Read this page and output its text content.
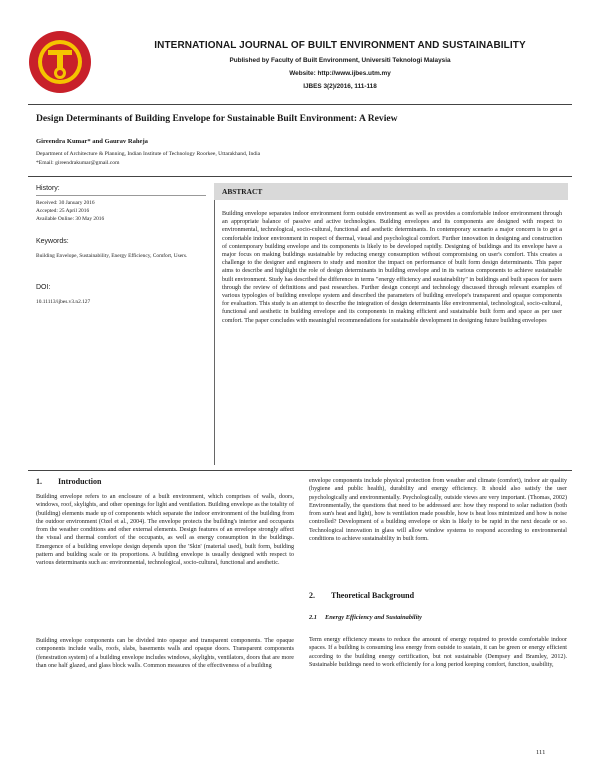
INTERNATIONAL JOURNAL OF BUILT ENVIRONMENT AND SUSTAINABILITY
Published by Faculty of Built Environment, Universiti Teknologi Malaysia
Website: http://www.ijbes.utm.my
IJBES 3(2)/2016, 111-118
Design Determinants of Building Envelope for Sustainable Built Environment: A Review
Gireendra Kumar* and Gaurav Raheja
Department of Architecture & Planning, Indian Institute of Technology Roorkee, Uttarakhand, India
*Email: gireendrakumar@gmail.com
History:
Received: 30 January 2016
Accepted: 25 April 2016
Available Online: 30 May 2016
Keywords:
Building Envelope, Sustainability, Energy Efficiency, Comfort, Users.
DOI:
10.11113/ijbes.v3.n2.127
ABSTRACT
Building envelope separates indoor environment form outside environment as well as provides a comfortable indoor environment through an appropriate balance of passive and active technologies. Building envelopes and its components are designed with respect to environmental, technological, socio-cultural, functional and aesthetic determinants. In contemporary scenario a major concern is to get a comfortable indoor environment in respect of thermal, visual and psychological comfort. Further innovation in designing and construction of contemporary building envelope and its components is likely to be developed rapidly. Designing of buildings and its envelope have a major focus on making buildings sustainable by reducing energy consumption without compromising on user's comfort. This creates a challenge to the designer and engineers to study and monitor the impact on performance of built form design determinants. This paper aims to describe and highlight the role of design determinants in building envelope and in its various components to achieve sustainable built environment. Study has described the difference in terms "energy efficiency and sustainability" in buildings and built spaces for users through the review of definitions and past researches. Further design concept and technology discussed through relevant examples of various typologies of building envelope system and described the parameters of building envelope's transparent and opaque components for evaluation. This study is an attempt to describe the integration of design determinants like environmental, technological, socio-cultural, functional and aesthetic in building envelope and its components in making efficient and sustainable built form and space as per user comfort. The paper concludes with meaningful recommendations for sustainable development in designing future building envelopes
1.        Introduction
Building envelope refers to an enclosure of a built environment, which comprises of walls, doors, windows, roof, skylights, and other openings for light and ventilation. Building envelope as the totality of (building) elements made up of components which separate the indoor environment of the building from the outdoor environment (Ozel et al., 2004). The envelope protects the building's interior and occupants from the weather conditions and other external elements. Design features of an envelope strongly affect the visual and thermal comfort of the occupants, as well as energy consumption in the buildings. Emergence of a building envelope design depends upon the 'Skin' (material used), built form, building pattern and building scale or its proportions. A building envelope is usually designed with respect to various determinants such as: environmental, technological, socio-cultural, functional and aesthetic.
Building envelope components can be divided into opaque and transparent components. The opaque components include walls, roofs, slabs, basements walls and opaque doors. Transparent components (fenestration system) of a building envelope includes windows, skylights, ventilators, doors that are more than one half glazed, and glass block walls. Common measures of the effectiveness of a building
envelope components include physical protection from weather and climate (comfort), indoor air quality (hygiene and public health), durability and energy efficiency. It should also satisfy the user psychologically and environmentally. Psychologically, outside views are very important. (Thomas, 2002) Environmentally, the questions that need to be addressed are: how they respond to solar radiation (both from sun's heat and light), how is ventilation made possible, how is heat loss minimized and how is noise controlled? Development of a building envelope or skin is likely to be rapid in the next decade or so. Technological innovation in glass will allow window systems to respond according to environmental conditions to achieve sustainability in built form.
2.        Theoretical Background
2.1     Energy Efficiency and Sustainability
Term energy efficiency means to reduce the amount of energy required to provide comfortable indoor spaces. If a building is consuming less energy from outside to sustain, it can be green or energy efficient according to the building energy certification, but not sustainable (Dempsey and Bramley, 2012). Sustainable buildings need to work efficiently for a long period keeping comfort, function, usability,
111
